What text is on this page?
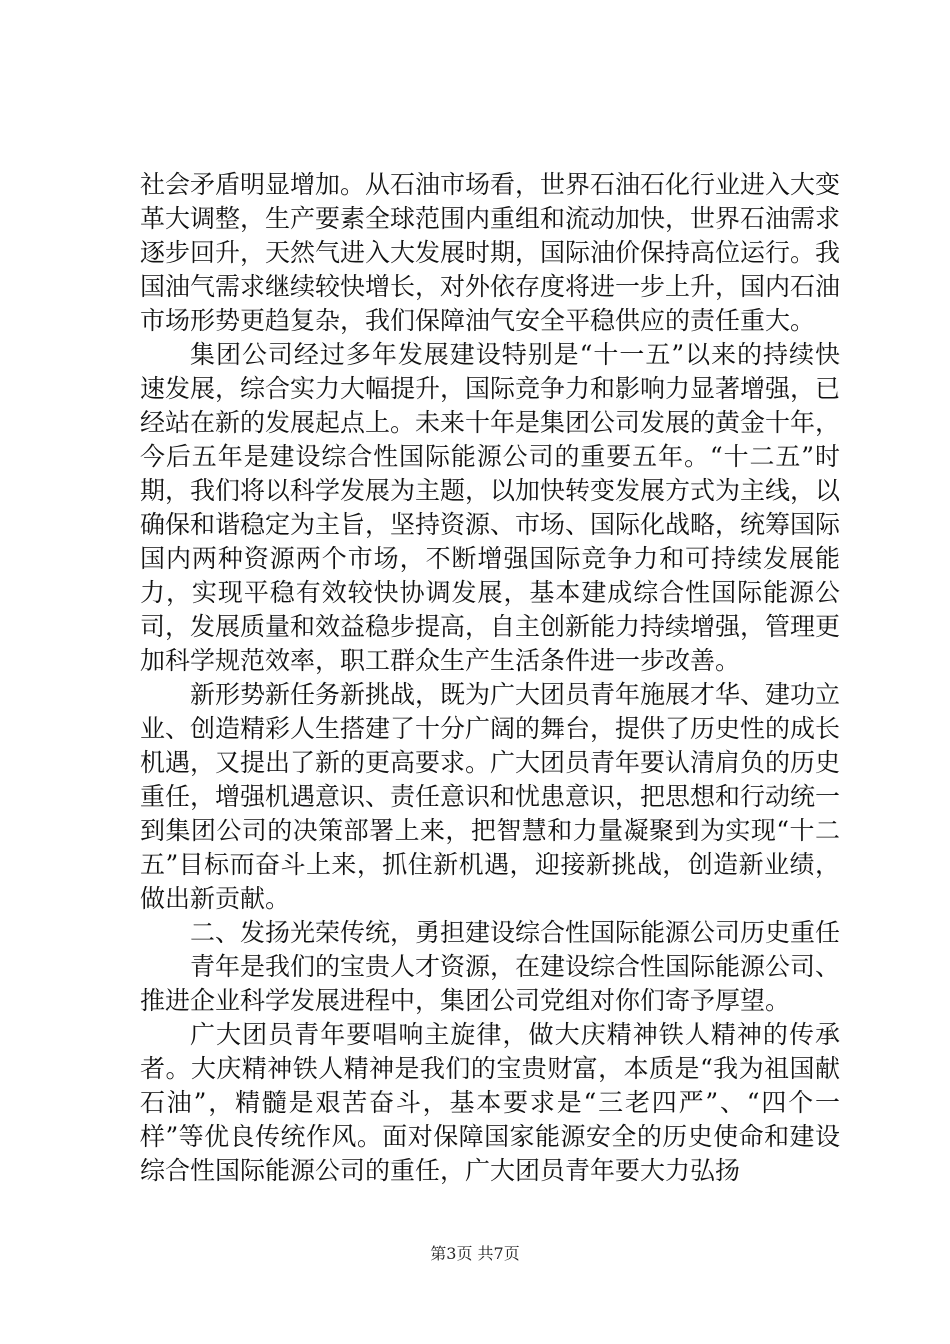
社会矛盾明显增加。从石油市场看，世界石油石化行业进入大变革大调整，生产要素全球范围内重组和流动加快，世界石油需求逐步回升，天然气进入大发展时期，国际油价保持高位运行。我国油气需求继续较快增长，对外依存度将进一步上升，国内石油市场形势更趋复杂，我们保障油气安全平稳供应的责任重大。

集团公司经过多年发展建设特别是“十一五”以来的持续快速发展，综合实力大幅提升，国际竞争力和影响力显著增强，已经站在新的发展起点上。未来十年是集团公司发展的黄金十年，今后五年是建设综合性国际能源公司的重要五年。“十二五”时期，我们将以科学发展为主题，以加快转变发展方式为主线，以确保和谐稳定为主旨，坚持资源、市场、国际化战略，统筹国际国内两种资源两个市场，不断增强国际竞争力和可持续发展能力，实现平稳有效较快协调发展，基本建成综合性国际能源公司，发展质量和效益稳步提高，自主创新能力持续增强，管理更加科学规范效率，职工群众生产生活条件进一步改善。

新形势新任务新挑战，既为广大团员青年施展才华、建功立业、创造精彩人生搭建了十分广阔的舞台，提供了历史性的成长机遇，又提出了新的更高要求。广大团员青年要认清肩负的历史重任，增强机遇意识、责任意识和忧患意识，把思想和行动统一到集团公司的决策部署上来，把智慧和力量凝聚到为实现“十二五”目标而奋斗上来，抓住新机遇，迎接新挑战，创造新业绩，做出新贡献。

二、发扬光荣传统，勇担建设综合性国际能源公司历史重任

青年是我们的宝贵人才资源，在建设综合性国际能源公司、推进企业科学发展进程中，集团公司党组对你们寄予厚望。

广大团员青年要唱响主旋律，做大庆精神铁人精神的传承者。大庆精神铁人精神是我们的宝贵财富，本质是“我为祖国献石油”，精髓是艰苦奋斗，基本要求是“三老四严”、“四个一样”等优良传统作风。面对保障国家能源安全的历史使命和建设综合性国际能源公司的重任，广大团员青年要大力弘扬

第3页 共7页
